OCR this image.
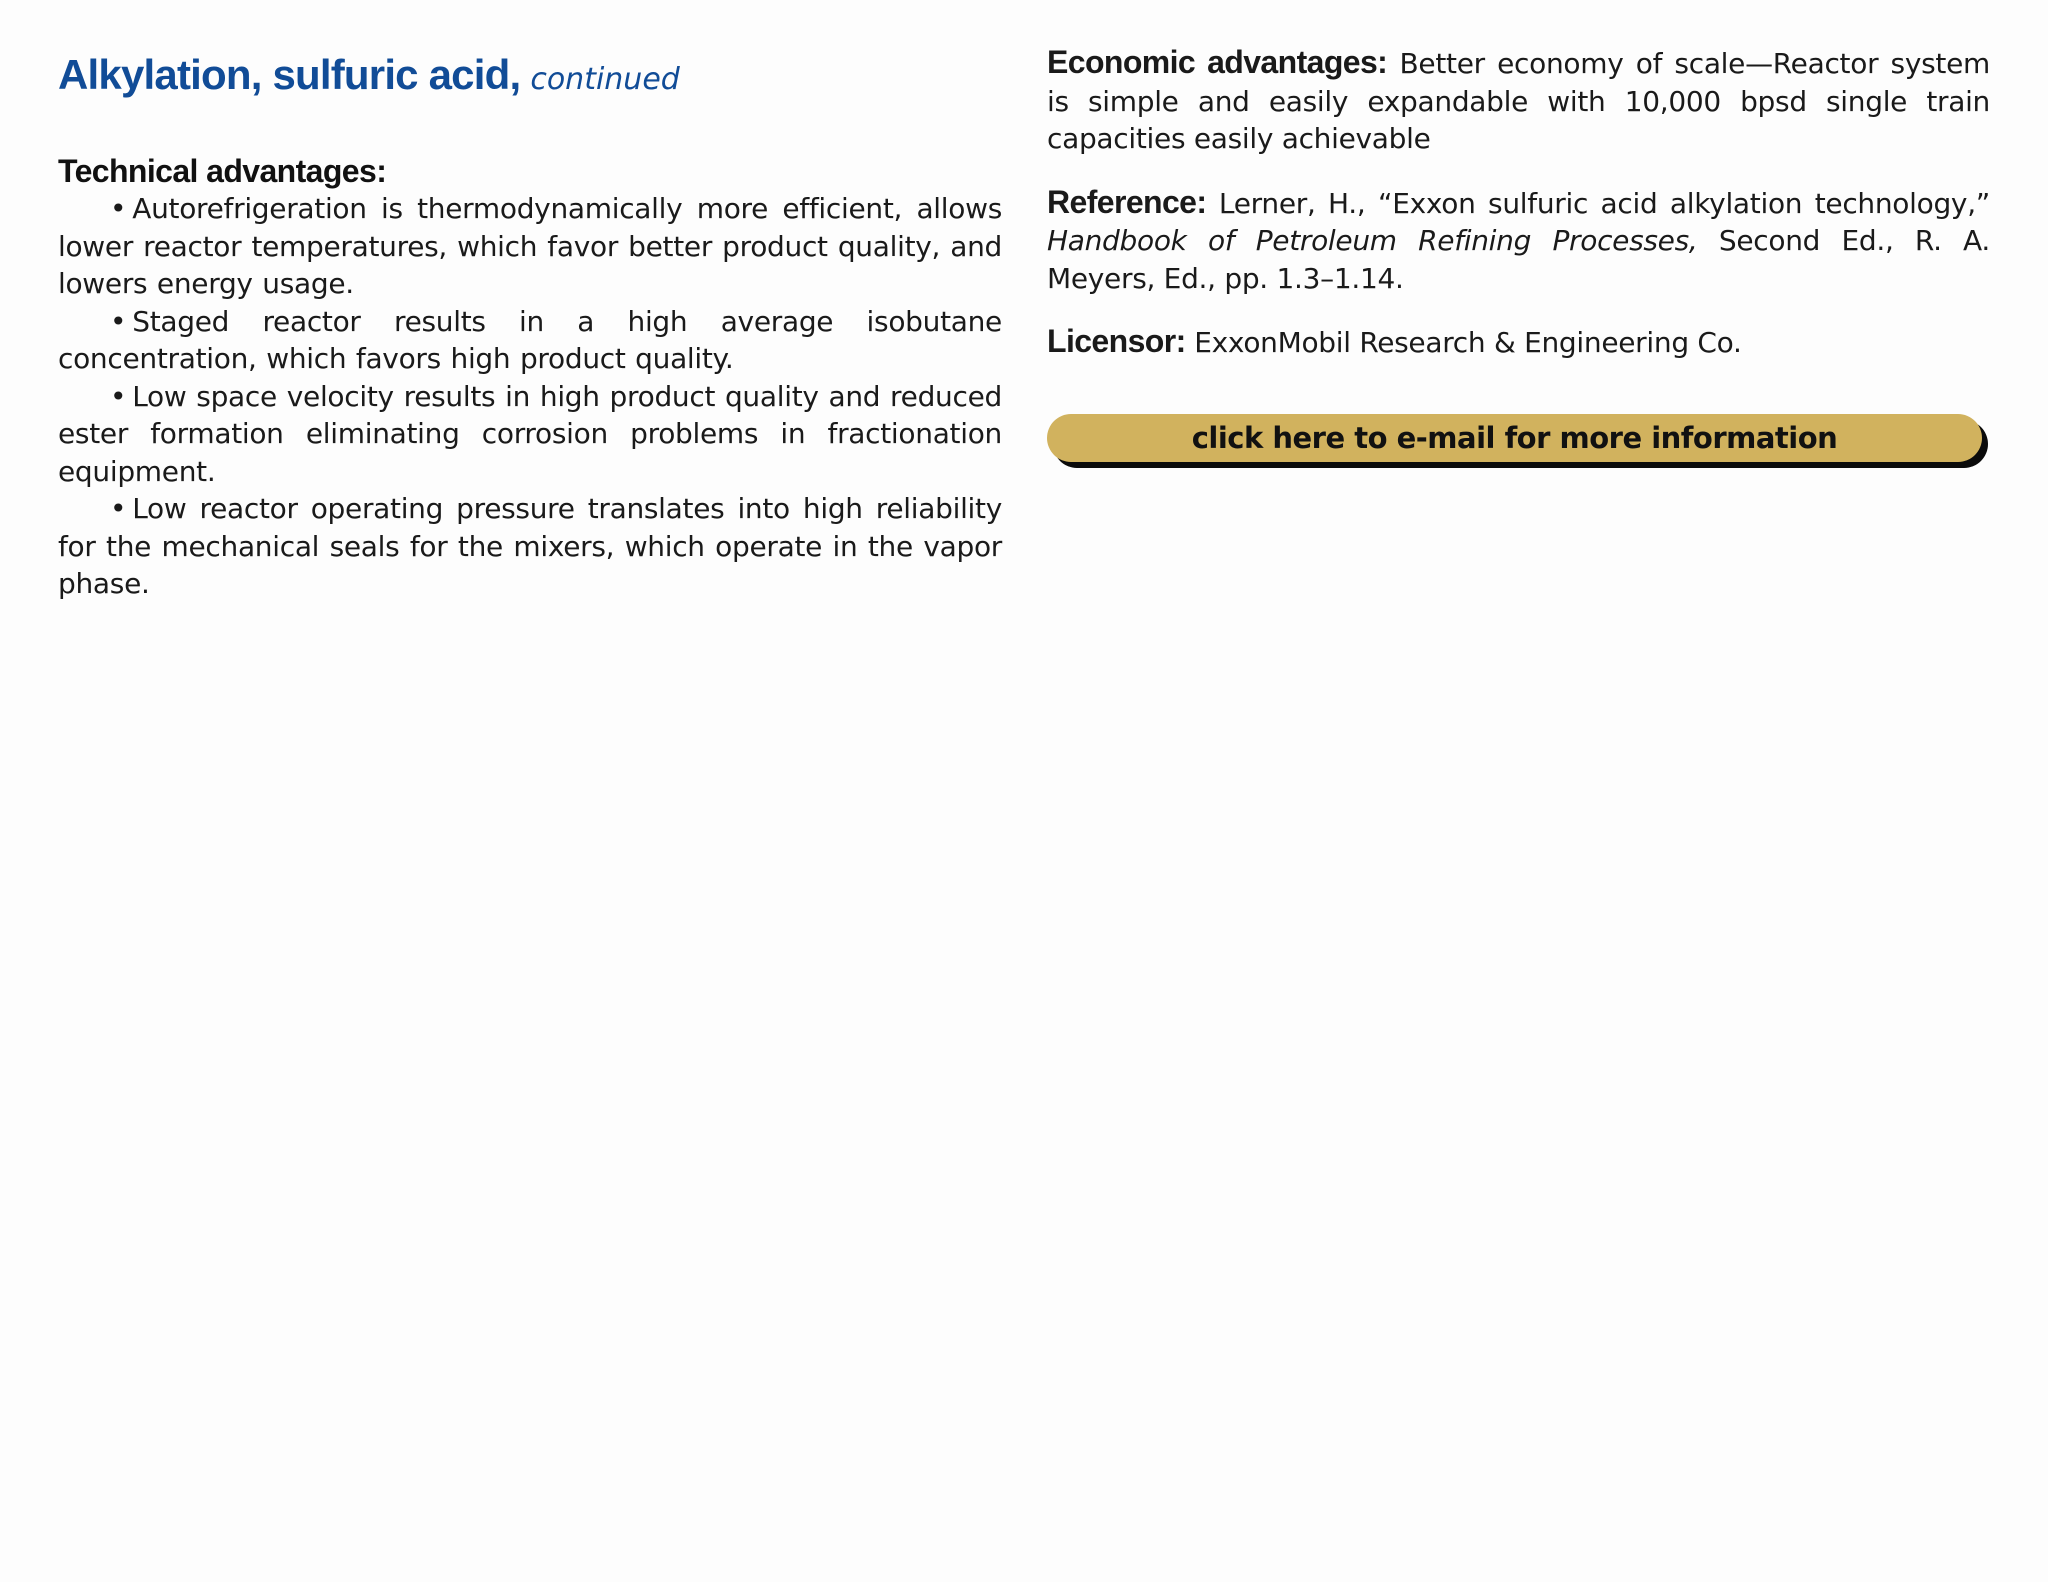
Alkylation, sulfuric acid, continued
Technical advantages:
• Autorefrigeration is thermodynamically more efficient, allows lower reactor temperatures, which favor better product quality, and lowers energy usage.
• Staged reactor results in a high average isobutane concentration, which favors high product quality.
• Low space velocity results in high product quality and reduced ester formation eliminating corrosion problems in fractionation equipment.
• Low reactor operating pressure translates into high reliability for the mechanical seals for the mixers, which operate in the vapor phase.

Economic advantages: Better economy of scale—Reactor system is simple and easily expandable with 10,000 bpsd single train capacities easily achievable

Reference: Lerner, H., “Exxon sulfuric acid alkylation technology,” Handbook of Petroleum Refining Processes, Second Ed., R. A. Meyers, Ed., pp. 1.3–1.14.

Licensor: ExxonMobil Research & Engineering Co.

click here to e-mail for more information
